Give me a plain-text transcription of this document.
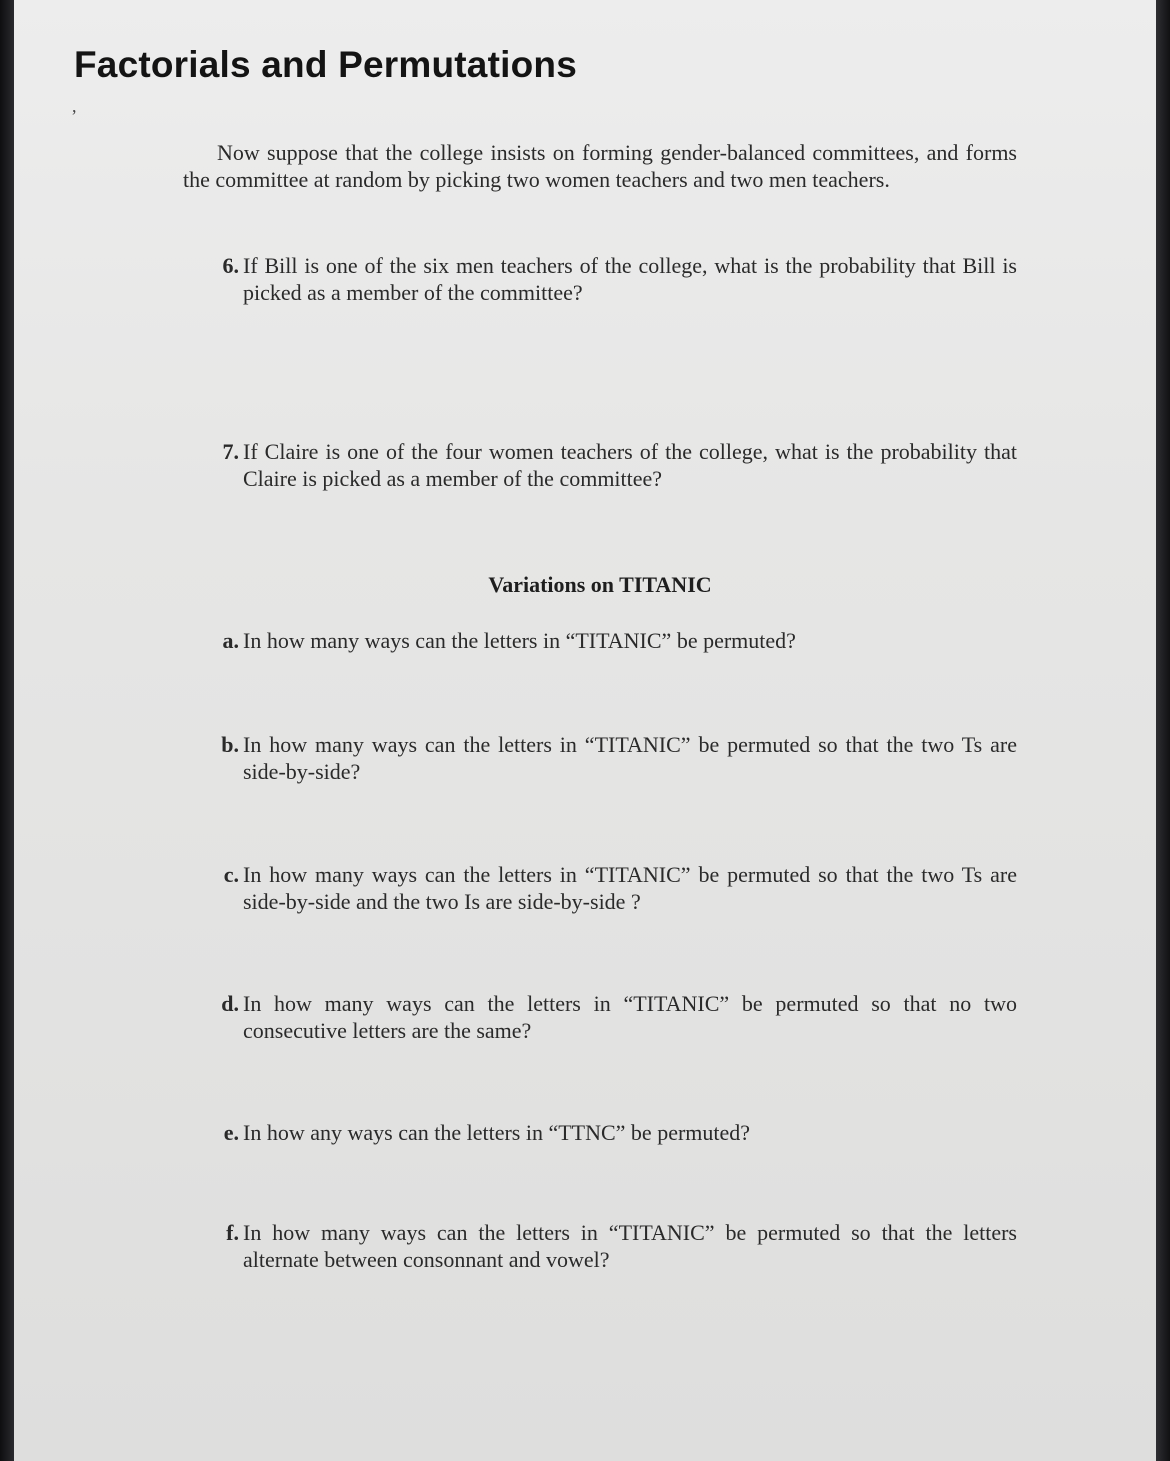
Factorials and Permutations
,

Now suppose that the college insists on forming gender-balanced committees, and forms the committee at random by picking two women teachers and two men teachers.

6. If Bill is one of the six men teachers of the college, what is the probability that Bill is picked as a member of the committee?

7. If Claire is one of the four women teachers of the college, what is the probability that Claire is picked as a member of the committee?

Variations on TITANIC
a. In how many ways can the letters in “TITANIC” be permuted?

b. In how many ways can the letters in “TITANIC” be permuted so that the two Ts are side-by-side?

c. In how many ways can the letters in “TITANIC” be permuted so that the two Ts are side-by-side and the two Is are side-by-side ?

d. In how many ways can the letters in “TITANIC” be permuted so that no two consecutive letters are the same?

e. In how any ways can the letters in “TTNC” be permuted?

f. In how many ways can the letters in “TITANIC” be permuted so that the letters alternate between consonnant and vowel?
